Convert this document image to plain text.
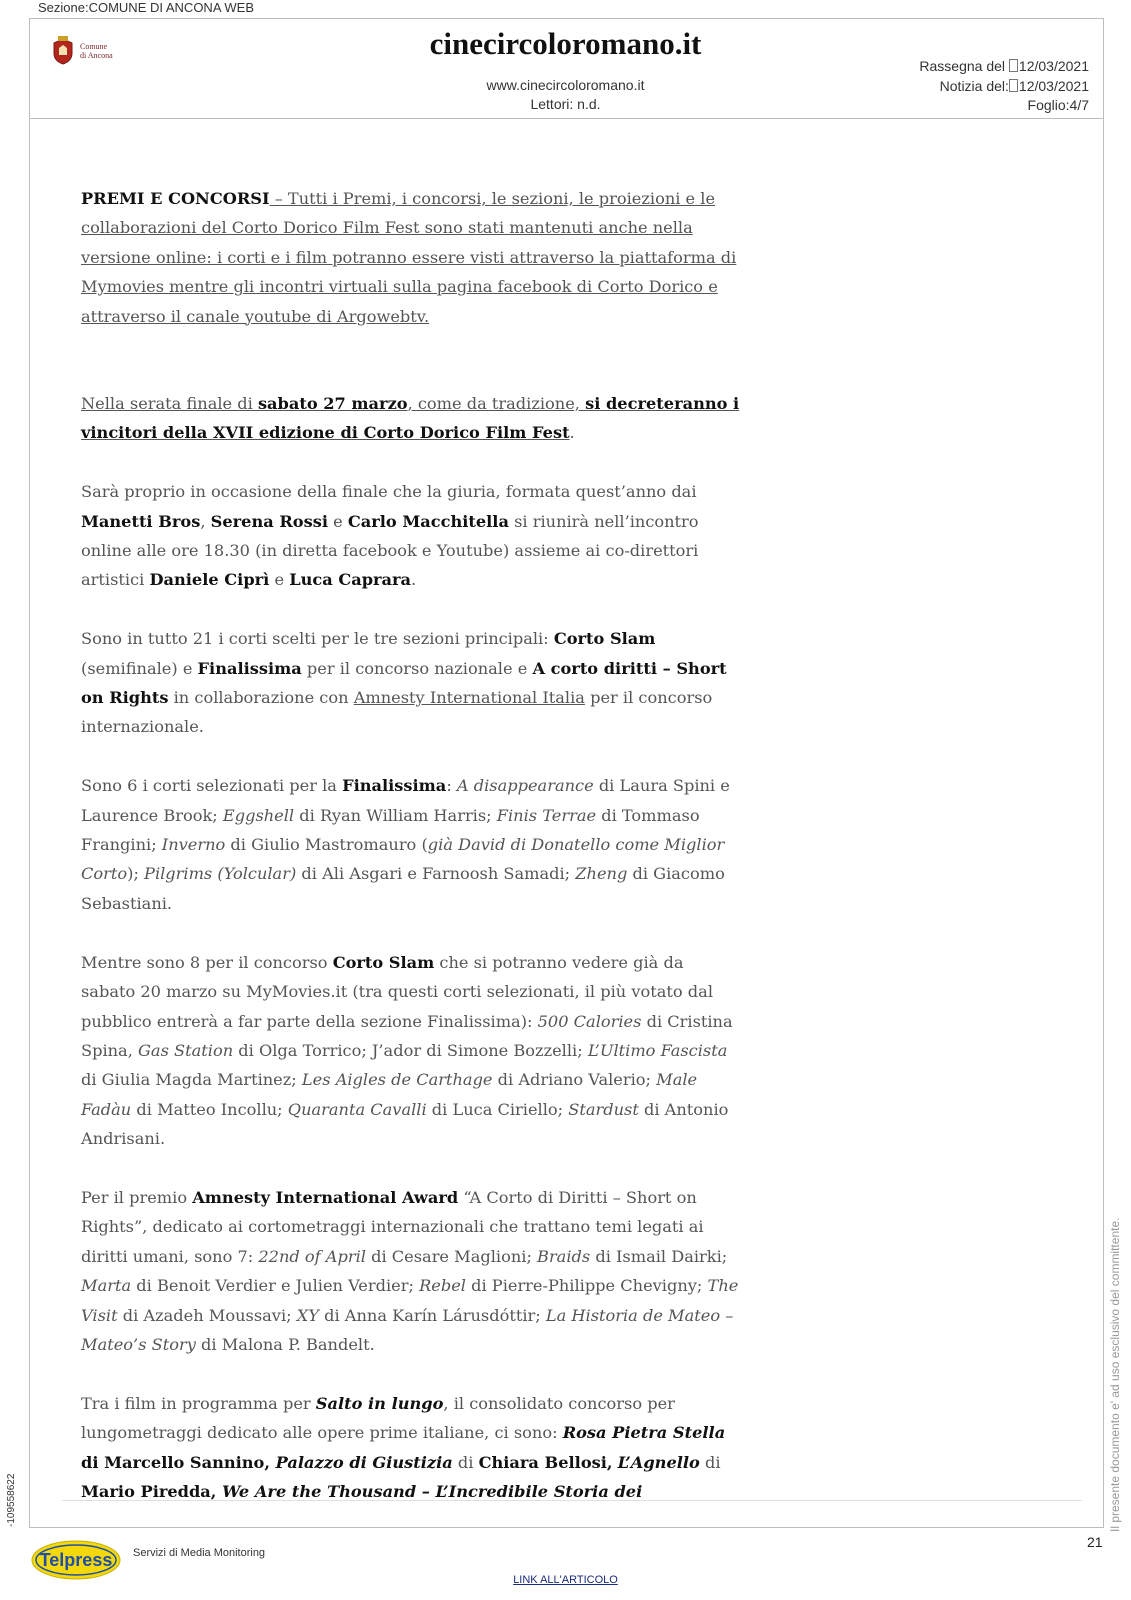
Sezione:COMUNE DI ANCONA WEB
Comune
di Ancona	cinecircoloromano.it
www.cinecircoloromano.it
Lettori: n.d.
Rassegna del 12/03/2021
Notizia del: 12/03/2021
Foglio:4/7

PREMI E CONCORSI – Tutti i Premi, i concorsi, le sezioni, le proiezioni e le collaborazioni del Corto Dorico Film Fest sono stati mantenuti anche nella versione online: i corti e i film potranno essere visti attraverso la piattaforma di Mymovies mentre gli incontri virtuali sulla pagina facebook di Corto Dorico e attraverso il canale youtube di Argowebtv.

Nella serata finale di sabato 27 marzo, come da tradizione, si decreteranno i vincitori della XVII edizione di Corto Dorico Film Fest.

Sarà proprio in occasione della finale che la giuria, formata quest’anno dai Manetti Bros, Serena Rossi e Carlo Macchitella si riunirà nell’incontro online alle ore 18.30 (in diretta facebook e Youtube) assieme ai co-direttori artistici Daniele Ciprì e Luca Caprara.

Sono in tutto 21 i corti scelti per le tre sezioni principali: Corto Slam (semifinale) e Finalissima per il concorso nazionale e A corto diritti – Short on Rights in collaborazione con Amnesty International Italia per il concorso internazionale.

Sono 6 i corti selezionati per la Finalissima: A disappearance di Laura Spini e Laurence Brook; Eggshell di Ryan William Harris; Finis Terrae di Tommaso Frangini; Inverno di Giulio Mastromauro (già David di Donatello come Miglior Corto); Pilgrims (Yolcular) di Ali Asgari e Farnoosh Samadi; Zheng di Giacomo Sebastiani.

Mentre sono 8 per il concorso Corto Slam che si potranno vedere già da sabato 20 marzo su MyMovies.it (tra questi corti selezionati, il più votato dal pubblico entrerà a far parte della sezione Finalissima): 500 Calories di Cristina Spina, Gas Station di Olga Torrico; J’ador di Simone Bozzelli; L’Ultimo Fascista di Giulia Magda Martinez; Les Aigles de Carthage di Adriano Valerio; Male Fadàu di Matteo Incollu; Quaranta Cavalli di Luca Ciriello; Stardust di Antonio Andrisani.

Per il premio Amnesty International Award “A Corto di Diritti – Short on Rights”, dedicato ai cortometraggi internazionali che trattano temi legati ai diritti umani, sono 7: 22nd of April di Cesare Maglioni; Braids di Ismail Dairki; Marta di Benoit Verdier e Julien Verdier; Rebel di Pierre-Philippe Chevigny; The Visit di Azadeh Moussavi; XY di Anna Karín Lárusdóttir; La Historia de Mateo – Mateo’s Story di Malona P. Bandelt.

Tra i film in programma per Salto in lungo, il consolidato concorso per lungometraggi dedicato alle opere prime italiane, ci sono: Rosa Pietra Stella di Marcello Sannino, Palazzo di Giustizia di Chiara Bellosi, L’Agnello di Mario Piredda, We Are the Thousand – L’Incredibile Storia dei

-109558622	Il presente documento e' ad uso esclusivo del committente.
Telpress Servizi di Media Monitoring
21
LINK ALL'ARTICOLO
